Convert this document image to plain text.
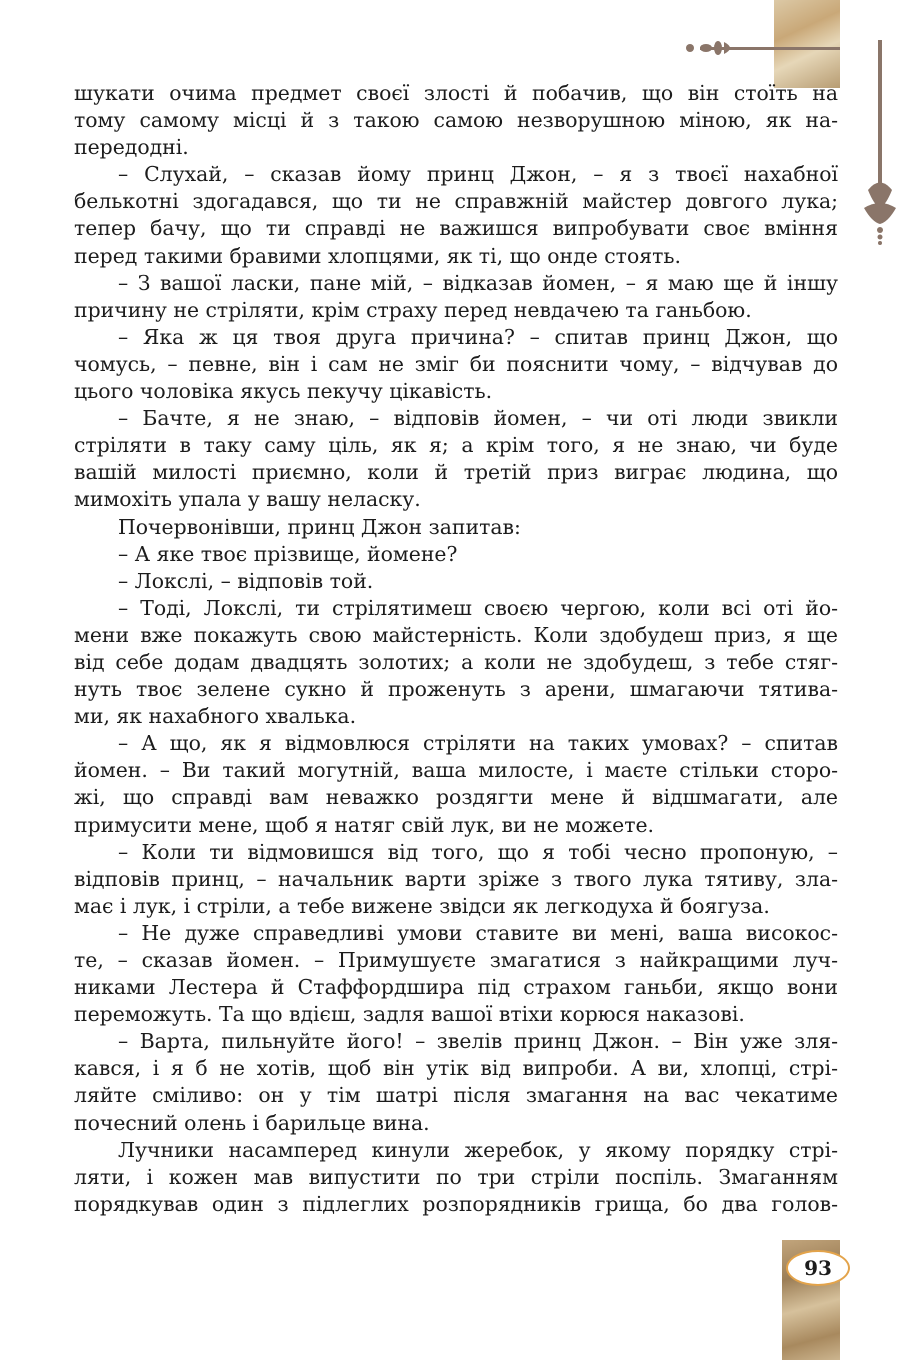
шукати очима предмет своєї злості й побачив, що він стоїть на
тому самому місці й з такою самою незворушною міною, як на-
передодні.
– Слухай, – сказав йому принц Джон, – я з твоєї нахабної
белькотні здогадався, що ти не справжній майстер довгого лука;
тепер бачу, що ти справді не важишся випробувати своє вміння
перед такими бравими хлопцями, як ті, що онде стоять.
– З вашої ласки, пане мій, – відказав йомен, – я маю ще й іншу
причину не стріляти, крім страху перед невдачею та ганьбою.
– Яка ж ця твоя друга причина? – спитав принц Джон, що
чомусь, – певне, він і сам не зміг би пояснити чому, – відчував до
цього чоловіка якусь пекучу цікавість.
– Бачте, я не знаю, – відповів йомен, – чи оті люди звикли
стріляти в таку саму ціль, як я; а крім того, я не знаю, чи буде
вашій милості приємно, коли й третій приз виграє людина, що
мимохіть упала у вашу неласку.
Почервонівши, принц Джон запитав:
– А яке твоє прізвище, йомене?
– Локслі, – відповів той.
– Тоді, Локслі, ти стрілятимеш своєю чергою, коли всі оті йо-
мени вже покажуть свою майстерність. Коли здобудеш приз, я ще
від себе додам двадцять золотих; а коли не здобудеш, з тебе стяг-
нуть твоє зелене сукно й проженуть з арени, шмагаючи тятива-
ми, як нахабного хвалька.
– А що, як я відмовлюся стріляти на таких умовах? – спитав
йомен. – Ви такий могутній, ваша милосте, і маєте стільки сторо-
жі, що справді вам неважко роздягти мене й відшмагати, але
примусити мене, щоб я натяг свій лук, ви не можете.
– Коли ти відмовишся від того, що я тобі чесно пропоную, –
відповів принц, – начальник варти зріже з твого лука тятиву, зла-
має і лук, і стріли, а тебе вижене звідси як легкодуха й боягуза.
– Не дуже справедливі умови ставите ви мені, ваша високос-
те, – сказав йомен. – Примушуєте змагатися з найкращими луч-
никами Лестера й Стаффордшира під страхом ганьби, якщо вони
переможуть. Та що вдієш, задля вашої втіхи корюся наказові.
– Варта, пильнуйте його! – звелів принц Джон. – Він уже зля-
кався, і я б не хотів, щоб він утік від випроби. А ви, хлопці, стрі-
ляйте сміливо: он у тім шатрі після змагання на вас чекатиме
почесний олень і барильце вина.
Лучники насамперед кинули жеребок, у якому порядку стрі-
ляти, і кожен мав випустити по три стріли поспіль. Змаганням
порядкував один з підлеглих розпорядників грища, бо два голов-
93
